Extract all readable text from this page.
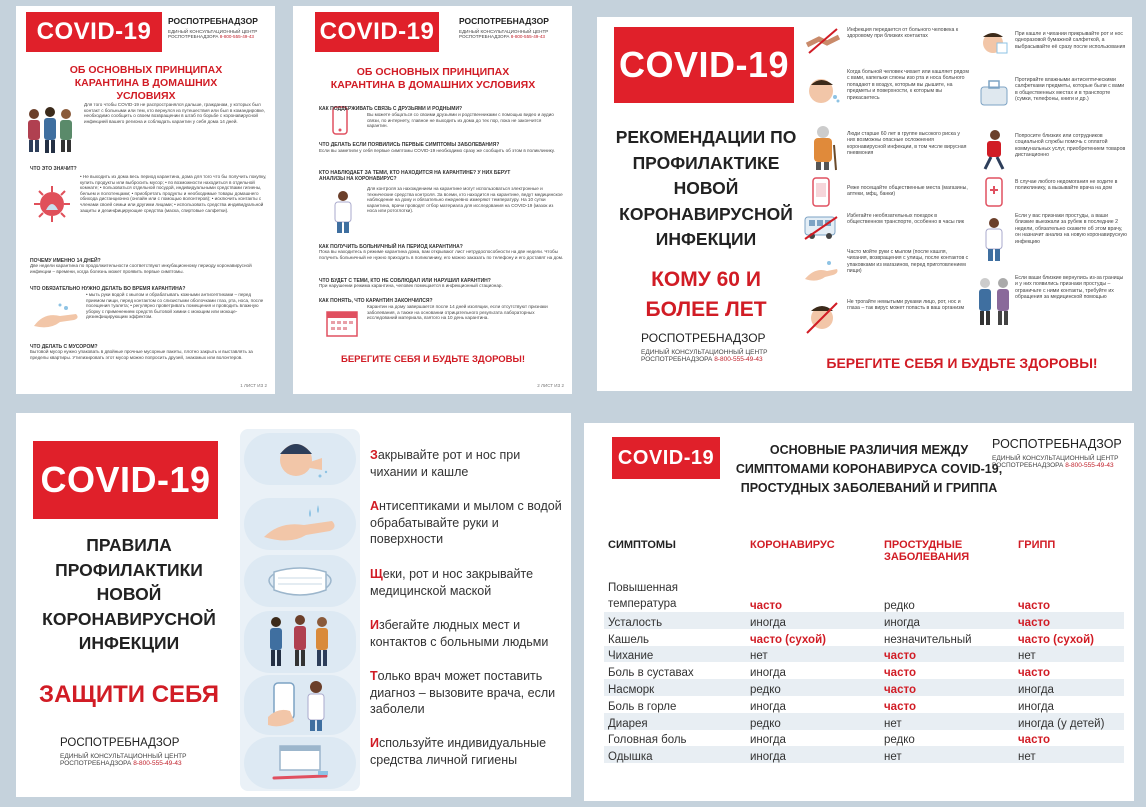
COVID-19	РОСПОТРЕБНАДЗОР
ЕДИНЫЙ КОНСУЛЬТАЦИОННЫЙ ЦЕНТР
РОСПОТРЕБНАДЗОРА 8-800-555-49-43
ОБ ОСНОВНЫХ ПРИНЦИПАХ КАРАНТИНА В ДОМАШНИХ УСЛОВИЯХ
Для того чтобы COVID-19 не распространялся дальше, гражданам, у которых был контакт с больными или тем, кто вернулся из путешествия или был в командировке, необходимо сообщить о своем возвращении в штаб по борьбе с коронавирусной инфекцией вашего региона и соблюдать карантин у себя дома 14 дней.
ЧТО ЭТО ЗНАЧИТ?
• Не выходить из дома весь период карантина, дома для того что бы получить покупку, купить продукты или выбросить мусор; • по возможности находиться в отдельной комнате; • пользоваться отдельной посудой, индивидуальными средствами гигиены, бельем и полотенцами; • приобретать продукты и необходимые товары домашнего обихода дистанционно (онлайн или с помощью волонтеров); • исключить контакты с членами своей семьи или другими лицами; • использовать средства индивидуальной защиты и дезинфицирующие средства (маска, спиртовые салфетки).
ПОЧЕМУ ИМЕННО 14 ДНЕЙ?
Две недели карантина по продолжительности соответствуют инкубационному периоду коронавирусной инфекции – времени, когда болезнь может проявить первые симптомы.
ЧТО ОБЯЗАТЕЛЬНО НУЖНО ДЕЛАТЬ ВО ВРЕМЯ КАРАНТИНА?
• мыть руки водой с мылом и обрабатывать кожными антисептиками – перед приемом пищи, перед контактом со слизистыми оболочками глаз, рта, носа, после посещения туалета; • регулярно проветривать помещения и проводить влажную уборку с применением средств бытовой химии с моющим или моюще-дезинфицирующим эффектом.
ЧТО ДЕЛАТЬ С МУСОРОМ?
Бытовой мусор нужно упаковать в двойные прочные мусорные пакеты, плотно закрыть и выставлять за пределы квартиры. Утилизировать этот мусор можно попросить друзей, знакомых или волонтеров.
1 ЛИСТ ИЗ 2
COVID-19	РОСПОТРЕБНАДЗОР
ЕДИНЫЙ КОНСУЛЬТАЦИОННЫЙ ЦЕНТР
РОСПОТРЕБНАДЗОРА 8-800-555-49-43
ОБ ОСНОВНЫХ ПРИНЦИПАХ КАРАНТИНА В ДОМАШНИХ УСЛОВИЯХ
КАК ПОДДЕРЖИВАТЬ СВЯЗЬ С ДРУЗЬЯМИ И РОДНЫМИ?
Вы можете общаться со своими друзьями и родственниками с помощью видео и аудио связи, по интернету, главное не выходить из дома до тех пор, пока не закончится карантин.
ЧТО ДЕЛАТЬ ЕСЛИ ПОЯВИЛИСЬ ПЕРВЫЕ СИМПТОМЫ ЗАБОЛЕВАНИЯ?
Если вы заметили у себя первые симптомы COVID-19 необходимо сразу же сообщить об этом в поликлинику.
КТО НАБЛЮДАЕТ ЗА ТЕМИ, КТО НАХОДИТСЯ НА КАРАНТИНЕ? У НИХ БЕРУТ АНАЛИЗЫ НА КОРОНАВИРУС?
Для контроля за нахождением на карантине могут использоваться электронные и технические средства контроля. За всеми, кто находится на карантине, ведут медицинское наблюдение на дому и обязательно ежедневно измеряют температуру. На 10 сутки карантина, врачи проводят отбор материала для исследования на COVID-19 (мазок из носа или ротоглотки).
КАК ПОЛУЧИТЬ БОЛЬНИЧНЫЙ НА ПЕРИОД КАРАНТИНА?
Пока вы находитесь в режиме карантина дома, вам открывают лист нетрудоспособности на две недели. Чтобы получить больничный не нужно приходить в поликлинику, его можно заказать по телефону и его доставят на дом.
ЧТО БУДЕТ С ТЕМИ, КТО НЕ СОБЛЮДАЛ ИЛИ НАРУШИЛ КАРАНТИН?
При нарушении режима карантина, человек помещается в инфекционный стационар.
КАК ПОНЯТЬ, ЧТО КАРАНТИН ЗАКОНЧИЛСЯ?
Карантин на дому завершается после 14 дней изоляции, если отсутствуют признаки заболевания, а также на основании отрицательного результата лабораторных исследований материала, взятого на 10 день карантина.
БЕРЕГИТЕ СЕБЯ И БУДЬТЕ ЗДОРОВЫ!
2 ЛИСТ ИЗ 2
COVID-19
РЕКОМЕНДАЦИИ ПО ПРОФИЛАКТИКЕ НОВОЙ КОРОНАВИРУСНОЙ ИНФЕКЦИИ
КОМУ 60 И БОЛЕЕ ЛЕТ
РОСПОТРЕБНАДЗОР
ЕДИНЫЙ КОНСУЛЬТАЦИОННЫЙ ЦЕНТР
РОСПОТРЕБНАДЗОРА 8-800-555-49-43
Инфекция передается от больного человека к здоровому при близких контактах
Когда больной человек чихает или кашляет рядом с вами, капельки слюны изо рта и носа больного попадают в воздух, которым вы дышите, на предметы и поверхности, к которым вы прикасаетесь
Люди старше 60 лет в группе высокого риска у них возможны опасные осложнения коронавирусной инфекции, в том числе вирусная пневмония
Реже посещайте общественные места (магазины, аптеки, мфц, банки)
Избегайте необязательных поездок в общественном транспорте, особенно в часы пик
Часто мойте руки с мылом (после кашля, чихания, возвращения с улицы, после контактов с упаковками из магазинов, перед приготовлением пищи)
Не трогайте немытыми руками лицо, рот, нос и глаза – так вирус может попасть в ваш организм
При кашле и чихании прикрывайте рот и нос одноразовой бумажной салфеткой, а выбрасывайте её сразу после использования
Протирайте влажными антисептическими салфетками предметы, которые были с вами в общественных местах и в транспорте (сумки, телефоны, книги и др.)
Попросите близких или сотрудников социальной службы помочь с оплатой коммунальных услуг, приобретением товаров дистанционно
В случае любого недомогания не ходите в поликлинику, а вызывайте врача на дом
Если у вас признаки простуды, а ваши близкие выезжали за рубеж в последние 2 недели, обязательно скажите об этом врачу, он назначит анализ на новую коронавирусную инфекцию
Если ваши близкие вернулись из-за границы и у них появились признаки простуды – ограничьте с ними контакты, требуйте их обращения за медицинской помощью
БЕРЕГИТЕ СЕБЯ И БУДЬТЕ ЗДОРОВЫ!
COVID-19
ПРАВИЛА ПРОФИЛАКТИКИ НОВОЙ КОРОНАВИРУСНОЙ ИНФЕКЦИИ
ЗАЩИТИ СЕБЯ
РОСПОТРЕБНАДЗОР
ЕДИНЫЙ КОНСУЛЬТАЦИОННЫЙ ЦЕНТР
РОСПОТРЕБНАДЗОРА 8-800-555-49-43
Закрывайте рот и нос при чихании и кашле
Антисептиками и мылом с водой обрабатывайте руки и поверхности
Щеки, рот и нос закрывайте медицинской маской
Избегайте людных мест и контактов с больными людьми
Только врач может поставить диагноз – вызовите врача, если заболели
Используйте индивидуальные средства личной гигиены
COVID-19	ОСНОВНЫЕ РАЗЛИЧИЯ МЕЖДУ СИМПТОМАМИ КОРОНАВИРУСА COVID-19, ПРОСТУДНЫХ ЗАБОЛЕВАНИЙ И ГРИППА
РОСПОТРЕБНАДЗОР
ЕДИНЫЙ КОНСУЛЬТАЦИОННЫЙ ЦЕНТР
РОСПОТРЕБНАДЗОРА 8-800-555-49-43
СИМПТОМЫ	КОРОНАВИРУС	ПРОСТУДНЫЕ ЗАБОЛЕВАНИЯ	ГРИПП
Повышенная температура	часто	редко	часто
Усталость	иногда	иногда	часто
Кашель	часто (сухой)	незначительный	часто (сухой)
Чихание	нет	часто	нет
Боль в суставах	иногда	часто	часто
Насморк	редко	часто	иногда
Боль в горле	иногда	часто	иногда
Диарея	редко	нет	иногда (у детей)
Головная боль	иногда	редко	часто
Одышка	иногда	нет	нет
